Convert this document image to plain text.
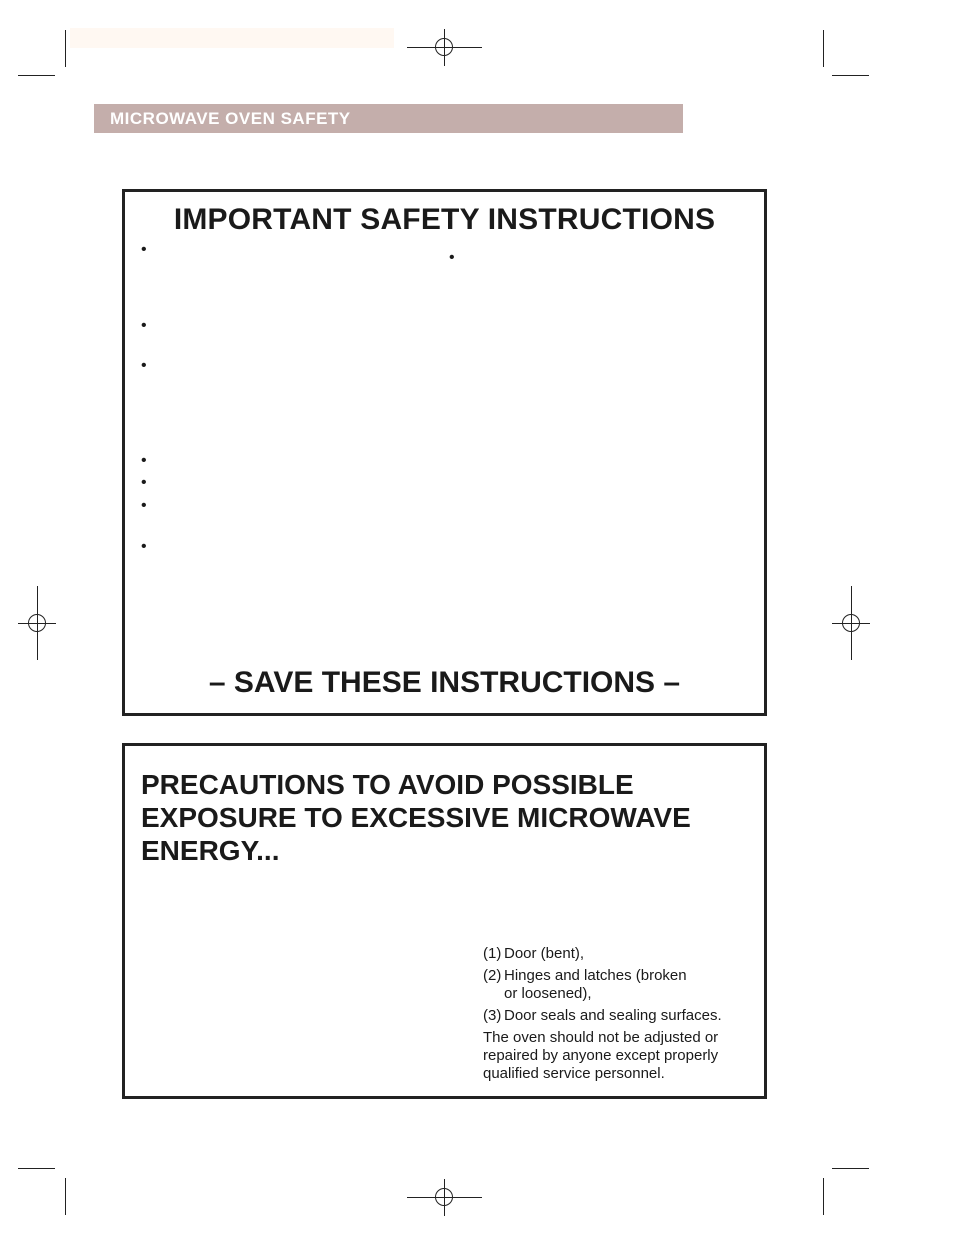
MICROWAVE OVEN SAFETY
IMPORTANT SAFETY INSTRUCTIONS
•	•
•
•
•
•
•
•
– SAVE THESE INSTRUCTIONS –
PRECAUTIONS TO AVOID POSSIBLE EXPOSURE TO EXCESSIVE MICROWAVE ENERGY...
(1) Door (bent),
(2) Hinges and latches (broken or loosened),
(3) Door seals and sealing surfaces.
The oven should not be adjusted or repaired by anyone except properly qualified service personnel.
